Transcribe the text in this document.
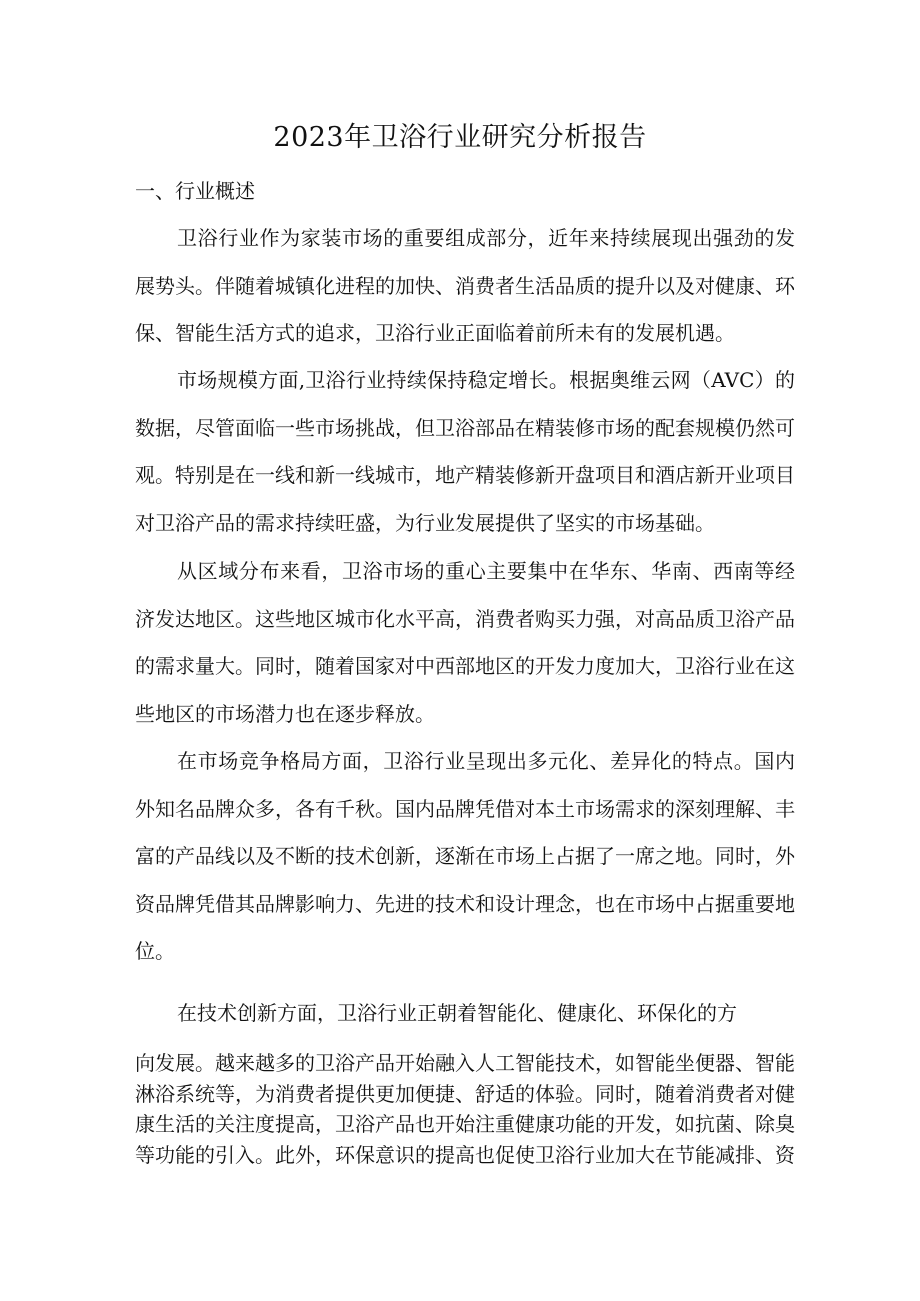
2023年卫浴行业研究分析报告

一、行业概述

卫浴行业作为家装市场的重要组成部分，近年来持续展现出强劲的发展势头。伴随着城镇化进程的加快、消费者生活品质的提升以及对健康、环保、智能生活方式的追求，卫浴行业正面临着前所未有的发展机遇。

市场规模方面,卫浴行业持续保持稳定增长。根据奥维云网（AVC）的数据，尽管面临一些市场挑战，但卫浴部品在精装修市场的配套规模仍然可观。特别是在一线和新一线城市，地产精装修新开盘项目和酒店新开业项目对卫浴产品的需求持续旺盛，为行业发展提供了坚实的市场基础。

从区域分布来看，卫浴市场的重心主要集中在华东、华南、西南等经济发达地区。这些地区城市化水平高，消费者购买力强，对高品质卫浴产品的需求量大。同时，随着国家对中西部地区的开发力度加大，卫浴行业在这些地区的市场潜力也在逐步释放。

在市场竞争格局方面，卫浴行业呈现出多元化、差异化的特点。国内外知名品牌众多，各有千秋。国内品牌凭借对本土市场需求的深刻理解、丰富的产品线以及不断的技术创新，逐渐在市场上占据了一席之地。同时，外资品牌凭借其品牌影响力、先进的技术和设计理念，也在市场中占据重要地位。

在技术创新方面，卫浴行业正朝着智能化、健康化、环保化的方

向发展。越来越多的卫浴产品开始融入人工智能技术，如智能坐便器、智能淋浴系统等，为消费者提供更加便捷、舒适的体验。同时，随着消费者对健康生活的关注度提高，卫浴产品也开始注重健康功能的开发，如抗菌、除臭等功能的引入。此外，环保意识的提高也促使卫浴行业加大在节能减排、资
